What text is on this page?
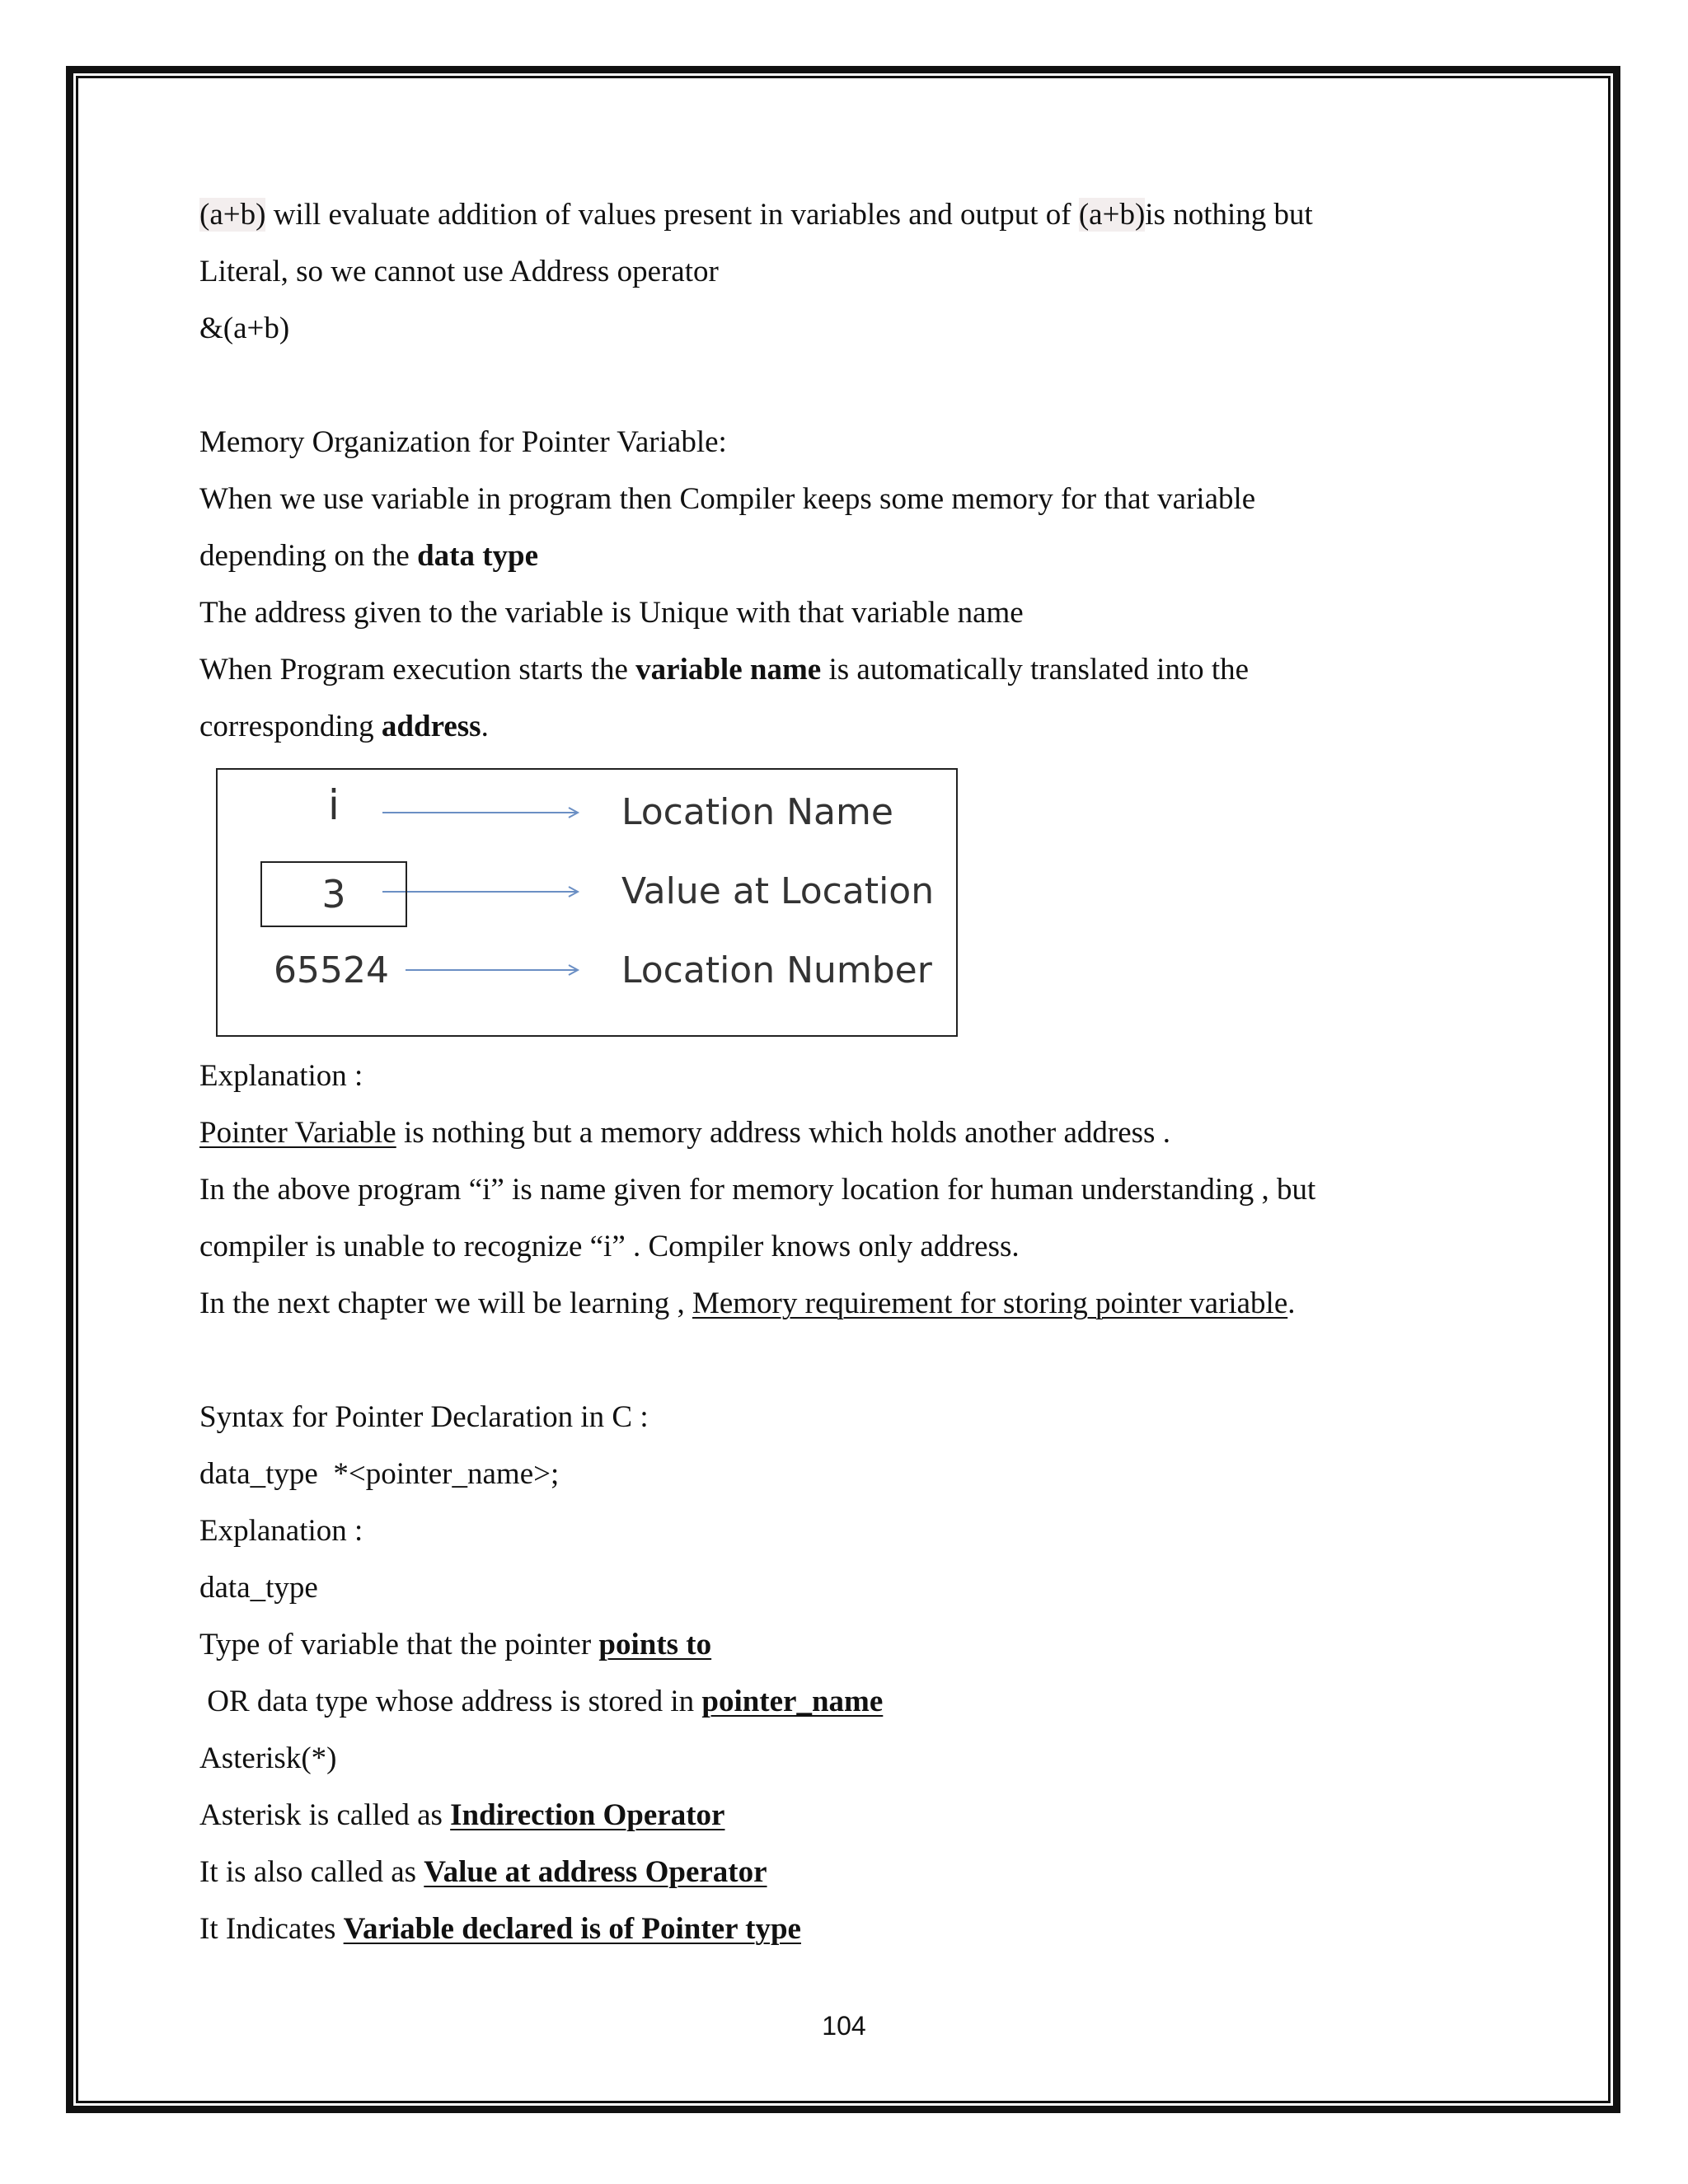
(a+b) will evaluate addition of values present in variables and output of (a+b)is nothing but
Literal, so we cannot use Address operator
&(a+b)
Memory Organization for Pointer Variable:
When we use variable in program then Compiler keeps some memory for that variable
depending on the data type
The address given to the variable is Unique with that variable name
When Program execution starts the variable name is automatically translated into the
corresponding address.
i
3
65524
Location Name
Value at Location
Location Number
Explanation :
Pointer Variable is nothing but a memory address which holds another address .
In the above program “i” is name given for memory location for human understanding , but
compiler is unable to recognize “i” . Compiler knows only address.
In the next chapter we will be learning , Memory requirement for storing pointer variable.
Syntax for Pointer Declaration in C :
data_type  *<pointer_name>;
Explanation :
data_type
Type of variable that the pointer points to
OR data type whose address is stored in pointer_name
Asterisk(*)
Asterisk is called as Indirection Operator
It is also called as Value at address Operator
It Indicates Variable declared is of Pointer type
104
